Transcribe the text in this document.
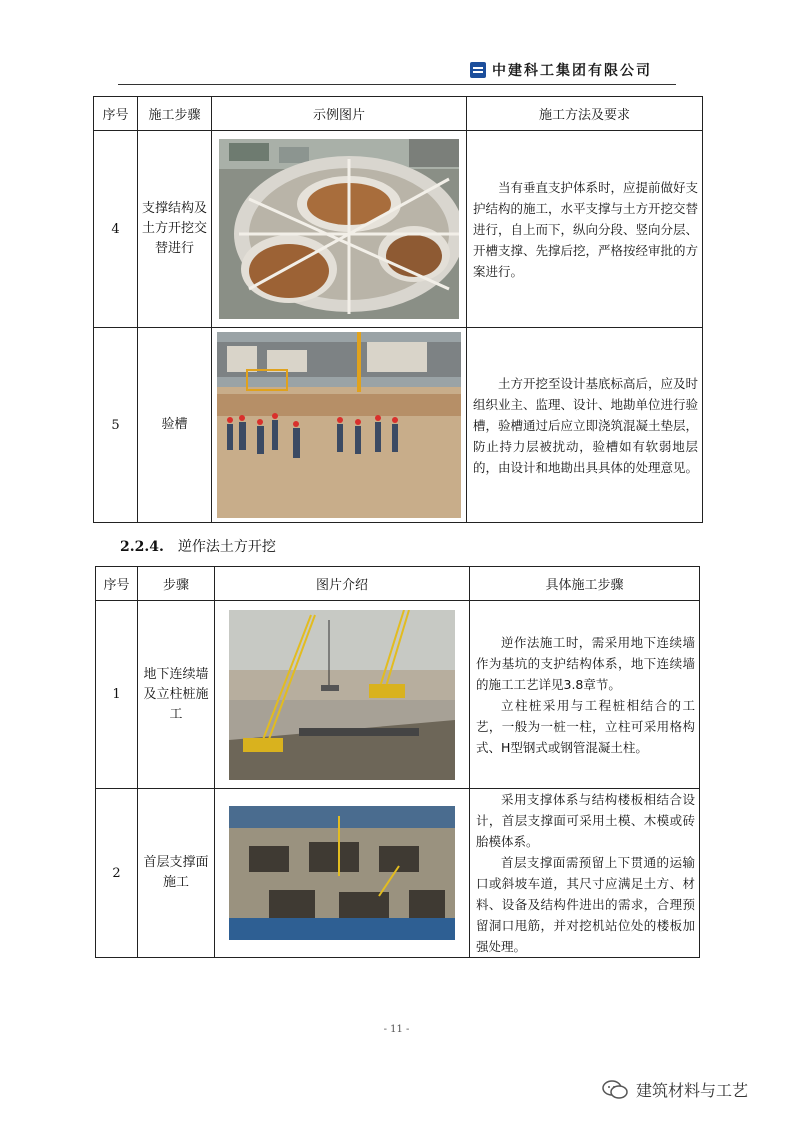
中建科工集团有限公司
序号	施工步骤	示例图片	施工方法及要求
4	支撑结构及土方开挖交替进行		当有垂直支护体系时，应提前做好支护结构的施工，水平支撑与土方开挖交替进行，自上而下，纵向分段、竖向分层、开槽支撑、先撑后挖，严格按经审批的方案进行。

5	验槽		土方开挖至设计基底标高后，应及时组织业主、监理、设计、地勘单位进行验槽，验槽通过后应立即浇筑混凝土垫层，防止持力层被扰动，验槽如有软弱地层的，由设计和地勘出具具体的处理意见。

2.2.4. 逆作法土方开挖
序号	步骤	图片介绍	具体施工步骤
1	地下连续墙及立柱桩施工		逆作法施工时，需采用地下连续墙作为基坑的支护结构体系，地下连续墙的施工工艺详见3.8章节。

立柱桩采用与工程桩相结合的工艺，一般为一桩一柱，立柱可采用格构式、H型钢式或钢管混凝土柱。

2	首层支撑面施工		采用支撑体系与结构楼板相结合设计，首层支撑面可采用土模、木模或砖胎模体系。

首层支撑面需预留上下贯通的运输口或斜坡车道，其尺寸应满足土方、材料、设备及结构件进出的需求，合理预留洞口甩筋，并对挖机站位处的楼板加强处理。

- 11 -
建筑材料与工艺
